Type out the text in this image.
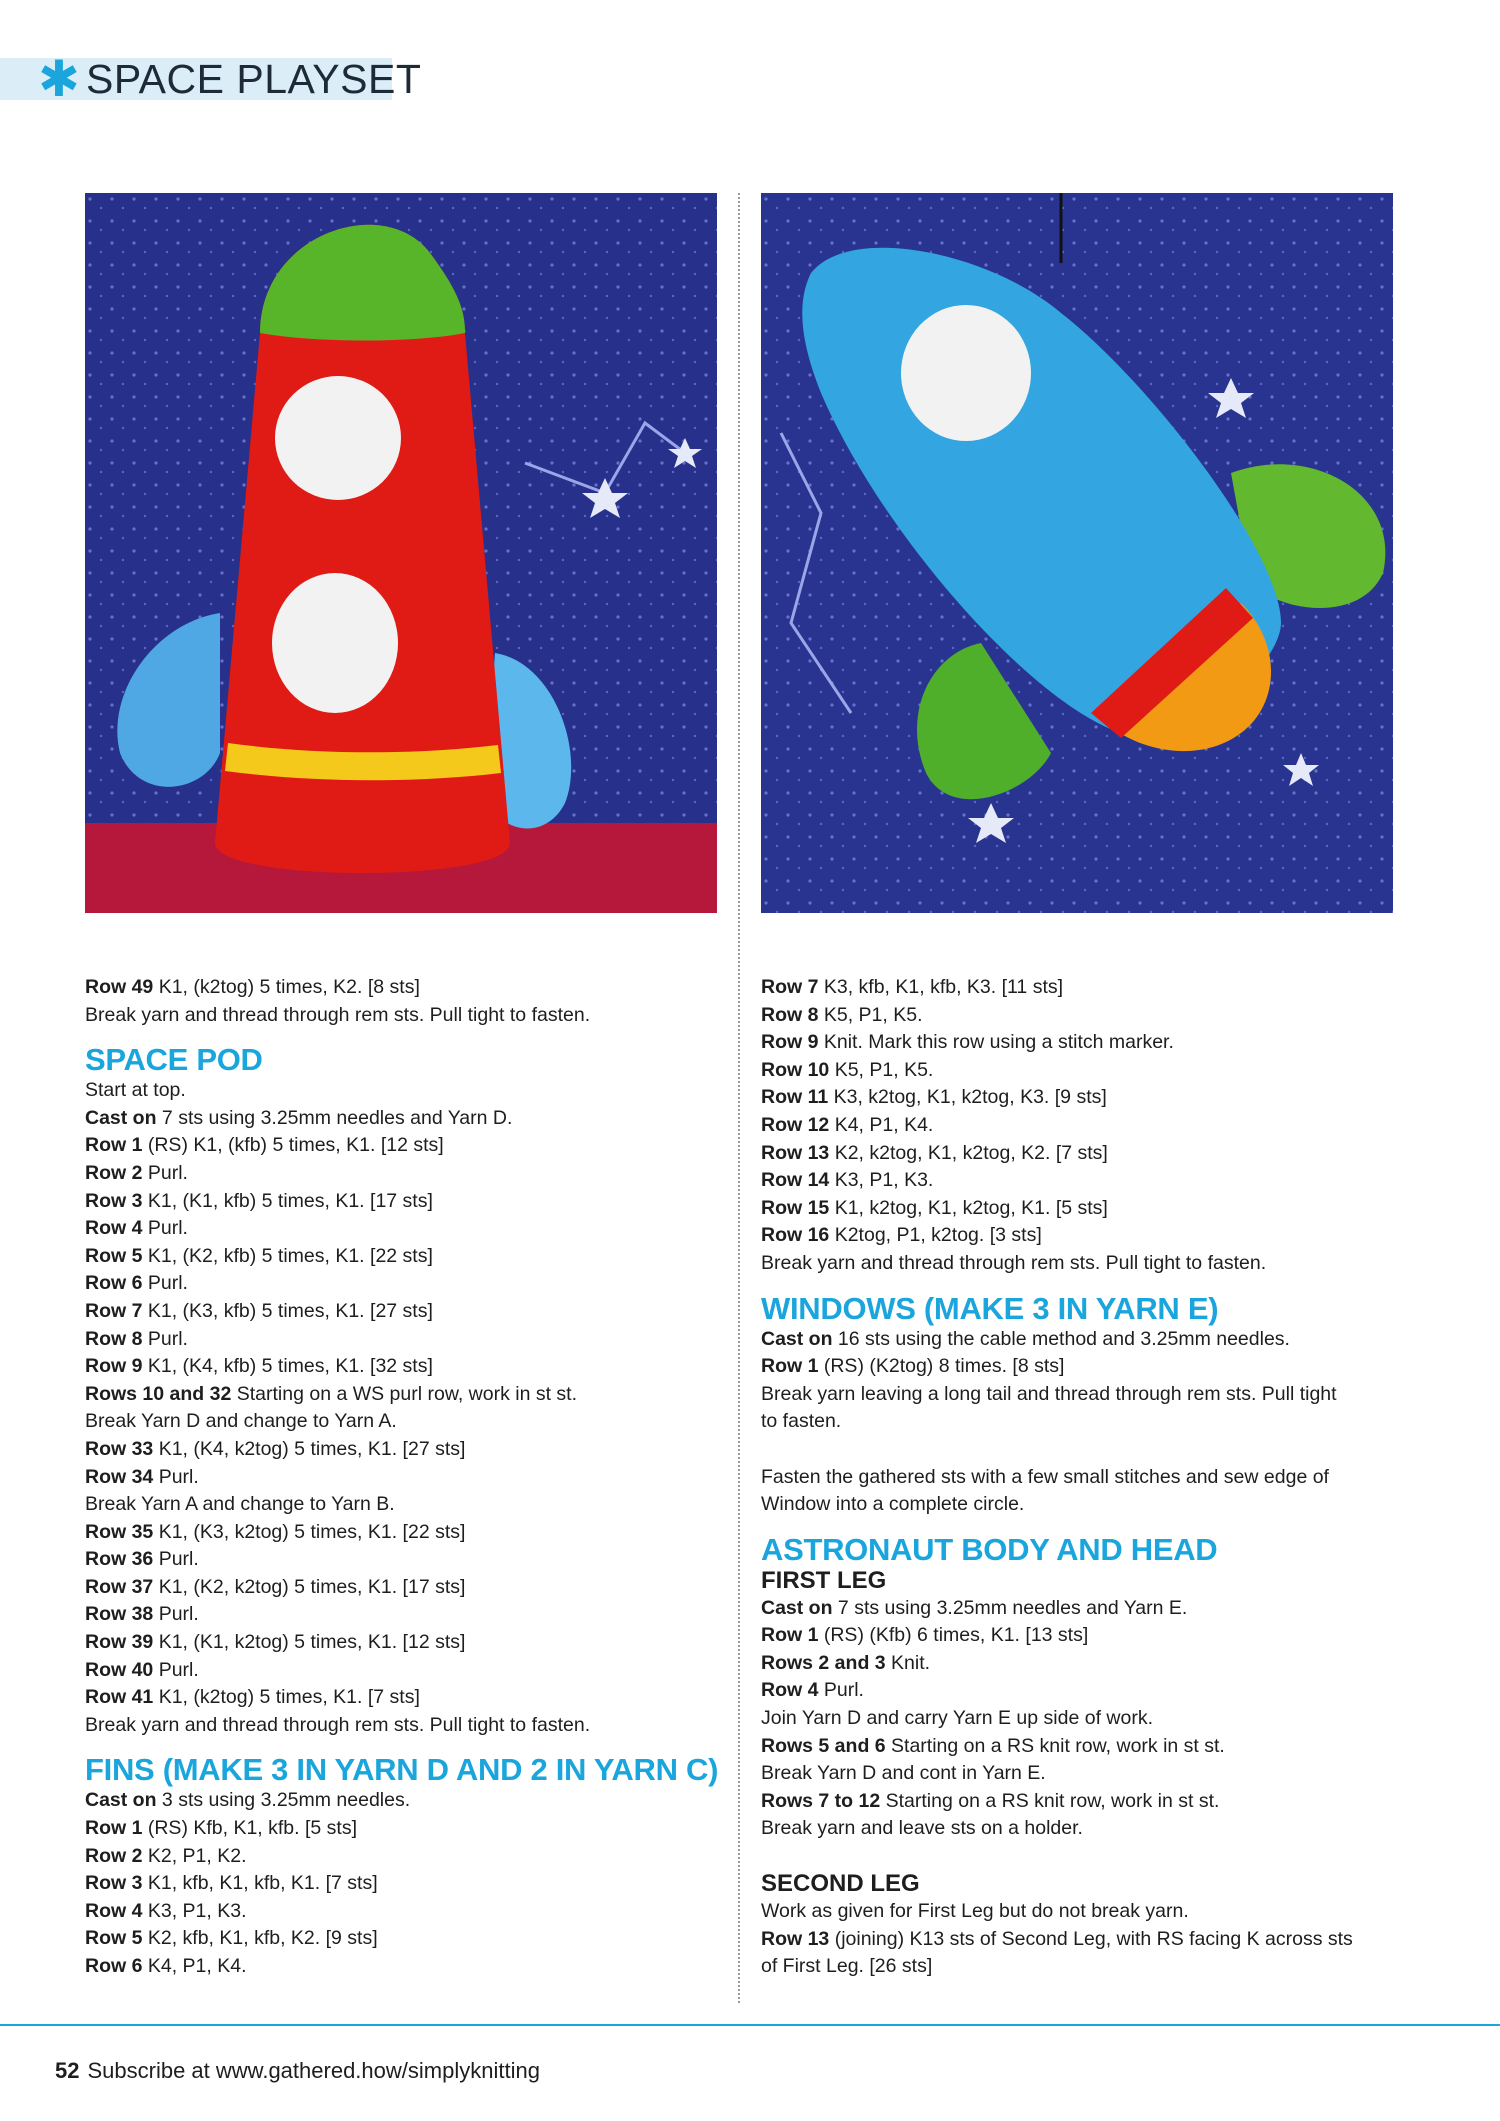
✱ SPACE PLAYSET
Row 49 K1, (k2tog) 5 times, K2. [8 sts]
Break yarn and thread through rem sts. Pull tight to fasten.
SPACE POD
Start at top.
Cast on 7 sts using 3.25mm needles and Yarn D.
Row 1 (RS) K1, (kfb) 5 times, K1. [12 sts]
Row 2 Purl.
Row 3 K1, (K1, kfb) 5 times, K1. [17 sts]
Row 4 Purl.
Row 5 K1, (K2, kfb) 5 times, K1. [22 sts]
Row 6 Purl.
Row 7 K1, (K3, kfb) 5 times, K1. [27 sts]
Row 8 Purl.
Row 9 K1, (K4, kfb) 5 times, K1. [32 sts]
Rows 10 and 32 Starting on a WS purl row, work in st st.
Break Yarn D and change to Yarn A.
Row 33 K1, (K4, k2tog) 5 times, K1. [27 sts]
Row 34 Purl.
Break Yarn A and change to Yarn B.
Row 35 K1, (K3, k2tog) 5 times, K1. [22 sts]
Row 36 Purl.
Row 37 K1, (K2, k2tog) 5 times, K1. [17 sts]
Row 38 Purl.
Row 39 K1, (K1, k2tog) 5 times, K1. [12 sts]
Row 40 Purl.
Row 41 K1, (k2tog) 5 times, K1. [7 sts]
Break yarn and thread through rem sts. Pull tight to fasten.
FINS (MAKE 3 IN YARN D AND 2 IN YARN C)
Cast on 3 sts using 3.25mm needles.
Row 1 (RS) Kfb, K1, kfb. [5 sts]
Row 2 K2, P1, K2.
Row 3 K1, kfb, K1, kfb, K1. [7 sts]
Row 4 K3, P1, K3.
Row 5 K2, kfb, K1, kfb, K2. [9 sts]
Row 6 K4, P1, K4.
Row 7 K3, kfb, K1, kfb, K3. [11 sts]
Row 8 K5, P1, K5.
Row 9 Knit. Mark this row using a stitch marker.
Row 10 K5, P1, K5.
Row 11 K3, k2tog, K1, k2tog, K3. [9 sts]
Row 12 K4, P1, K4.
Row 13 K2, k2tog, K1, k2tog, K2. [7 sts]
Row 14 K3, P1, K3.
Row 15 K1, k2tog, K1, k2tog, K1. [5 sts]
Row 16 K2tog, P1, k2tog. [3 sts]
Break yarn and thread through rem sts. Pull tight to fasten.
WINDOWS (MAKE 3 IN YARN E)
Cast on 16 sts using the cable method and 3.25mm needles.
Row 1 (RS) (K2tog) 8 times. [8 sts]
Break yarn leaving a long tail and thread through rem sts. Pull tight
to fasten.
Fasten the gathered sts with a few small stitches and sew edge of
Window into a complete circle.
ASTRONAUT BODY AND HEAD
FIRST LEG
Cast on 7 sts using 3.25mm needles and Yarn E.
Row 1 (RS) (Kfb) 6 times, K1. [13 sts]
Rows 2 and 3 Knit.
Row 4 Purl.
Join Yarn D and carry Yarn E up side of work.
Rows 5 and 6 Starting on a RS knit row, work in st st.
Break Yarn D and cont in Yarn E.
Rows 7 to 12 Starting on a RS knit row, work in st st.
Break yarn and leave sts on a holder.
SECOND LEG
Work as given for First Leg but do not break yarn.
Row 13 (joining) K13 sts of Second Leg, with RS facing K across sts
of First Leg. [26 sts]
52 Subscribe at www.gathered.how/simplyknitting
